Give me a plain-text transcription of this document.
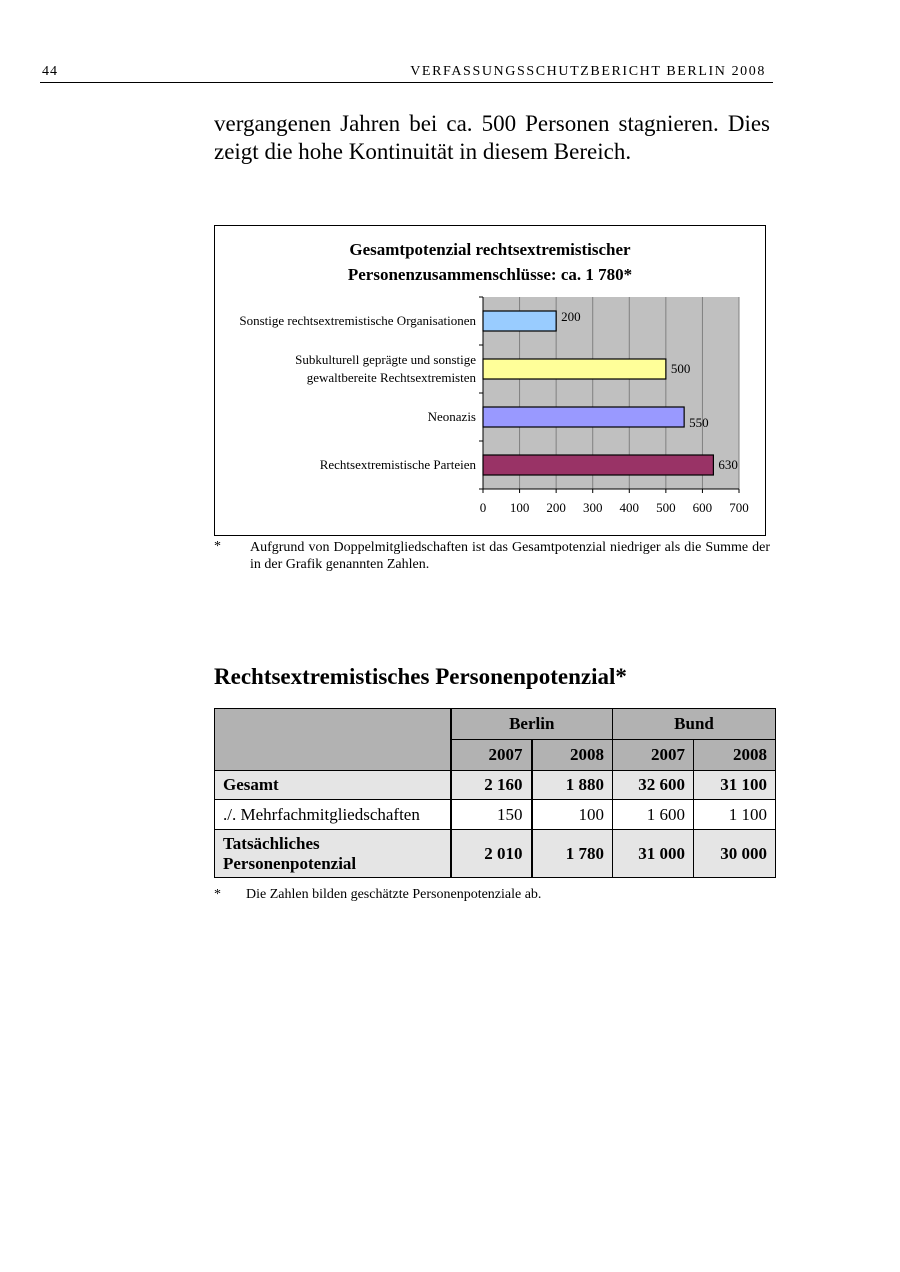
44	VERFASSUNGSSCHUTZBERICHT BERLIN 2008
vergangenen Jahren bei ca. 500 Personen stagnieren. Dies
zeigt die hohe Kontinuität in diesem Bereich.
Gesamtpotenzial rechtsextremistischer
Personenzusammenschlüsse: ca. 1 780*
0 100 200 300 400 500 600 700
200
Sonstige rechtsextremistische Organisationen
500
Subkulturell geprägte und sonstige
gewaltbereite Rechtsextremisten
550
Neonazis
630
Rechtsextremistische Parteien
* Aufgrund von Doppelmitgliedschaften ist das Gesamtpotenzial niedriger als die Summe der in der Grafik genannten Zahlen.
Rechtsextremistisches Personenpotenzial*
	Berlin		Bund	
	2007	2008	2007	2008
Gesamt	2 160	1 880	32 600	31 100
./. Mehrfachmitgliedschaften	150	100	1 600	1 100

Tatsächliches
Personenpotenzial	2 010	1 780	31 000	30 000
* Die Zahlen bilden geschätzte Personenpotenziale ab.
